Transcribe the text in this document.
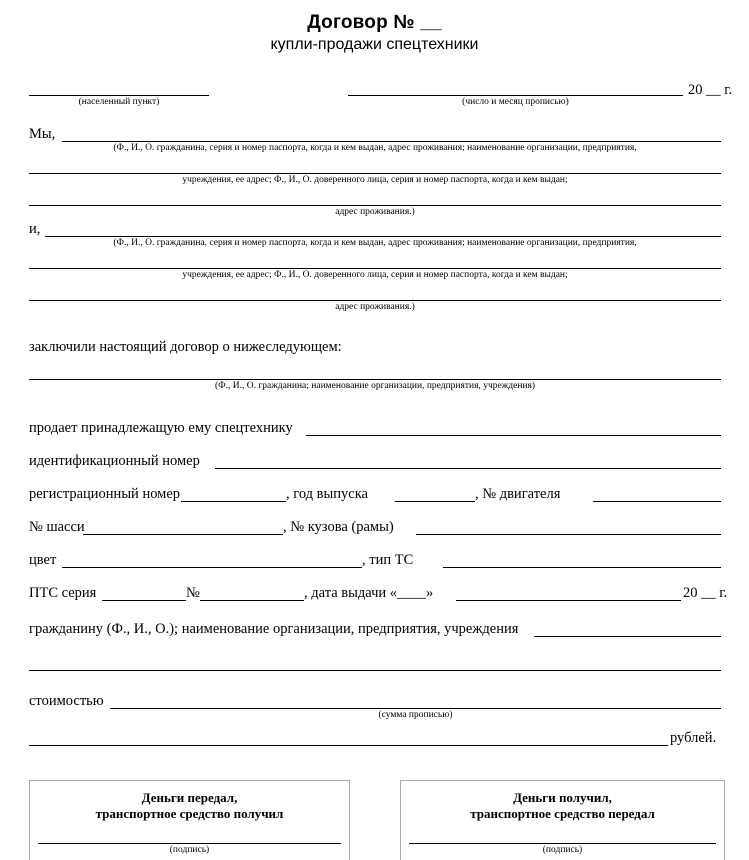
Договор № __
купли-продажи спецтехники
(населенный пункт)	(число и месяц прописью)
20 __ г.
Мы,
(Ф., И., О. гражданина, серия и номер паспорта, когда и кем выдан, адрес проживания; наименование организации, предприятия,
учреждения, ее адрес; Ф., И., О. доверенного лица, серия и номер паспорта, когда и кем выдан;
адрес проживания.)
и,
(Ф., И., О. гражданина, серия и номер паспорта, когда и кем выдан, адрес проживания; наименование организации, предприятия,
учреждения, ее адрес; Ф., И., О. доверенного лица, серия и номер паспорта, когда и кем выдан;
адрес проживания.)
заключили настоящий договор о нижеследующем:
(Ф., И., О. гражданина; наименование организации, предприятия, учреждения)
продает принадлежащую ему спецтехнику
идентификационный номер
регистрационный номер	, год выпуска	, № двигателя
№ шасси	, № кузова (рамы)
цвет	, тип ТС
ПТС серия	№	, дата выдачи «____»	20 __ г.
гражданину (Ф., И., О.); наименование организации, предприятия, учреждения
стоимостью
(сумма прописью)
рублей.
Деньги передал,
транспортное средство получил
(подпись)
Деньги получил,
транспортное средство передал
(подпись)
